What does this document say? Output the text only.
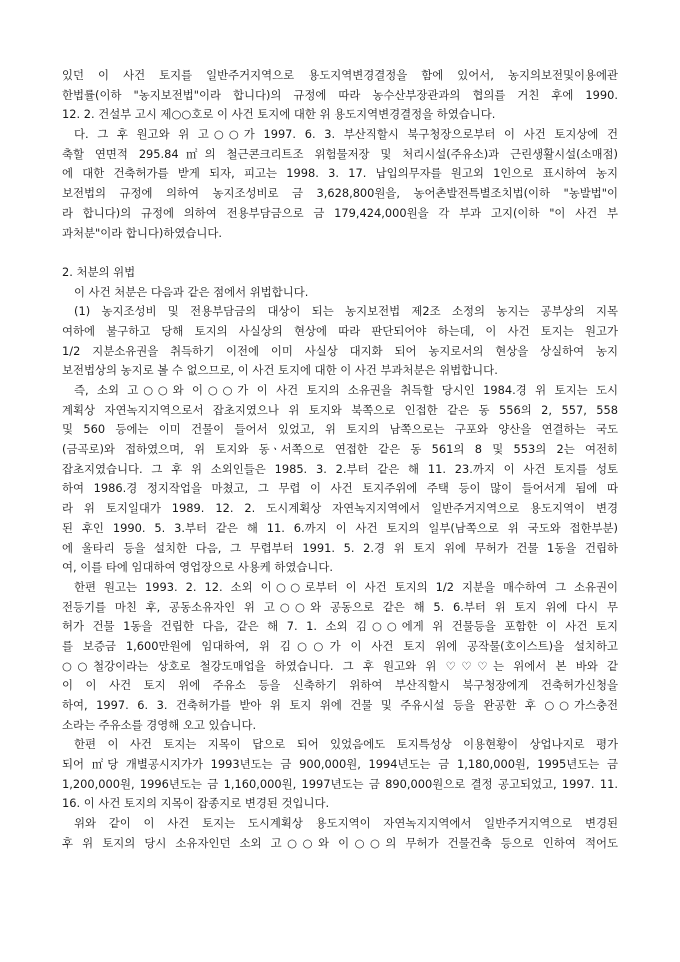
있던 이 사건 토지를 일반주거지역으로 용도지역변경결정을 함에 있어서, 농지의보전및이용에관
한법률(이하 "농지보전법"이라 합니다)의 규정에 따라 농수산부장관과의 협의를 거친 후에 1990.
12. 2. 건설부 고시 제○○호로 이 사건 토지에 대한 위 용도지역변경결정을 하였습니다.
다. 그 후 원고와 위 고○○가 1997. 6. 3. 부산직할시 북구청장으로부터 이 사건 토지상에 건
축할 연면적 295.84㎡의 철근콘크리트조 위험물저장 및 처리시설(주유소)과 근린생활시설(소매점)
에 대한 건축허가를 받게 되자, 피고는 1998. 3. 17. 납입의무자를 원고외 1인으로 표시하여 농지
보전법의 규정에 의하여 농지조성비로 금 3,628,800원을, 농어촌발전특별조치법(이하 "농발법"이
라 합니다)의 규정에 의하여 전용부담금으로 금 179,424,000원을 각 부과 고지(이하 "이 사건 부
과처분"이라 합니다)하였습니다.
2. 처분의 위법
이 사건 처분은 다음과 같은 점에서 위법합니다.
(1) 농지조성비 및 전용부담금의 대상이 되는 농지보전법 제2조 소정의 농지는 공부상의 지목
여하에 불구하고 당해 토지의 사실상의 현상에 따라 판단되어야 하는데, 이 사건 토지는 원고가
1/2 지분소유권을 취득하기 이전에 이미 사실상 대지화 되어 농지로서의 현상을 상실하여 농지
보전법상의 농지로 볼 수 없으므로, 이 사건 토지에 대한 이 사건 부과처분은 위법합니다.
즉, 소외 고○○와 이○○가 이 사건 토지의 소유권을 취득할 당시인 1984.경 위 토지는 도시
계획상 자연녹지지역으로서 잡초지였으나 위 토지와 북쪽으로 인접한 같은 동 556의 2, 557, 558
및 560 등에는 이미 건물이 들어서 있었고, 위 토지의 남쪽으로는 구포와 양산을 연결하는 국도
(금곡로)와 접하였으며, 위 토지와 동ㆍ서쪽으로 연접한 같은 동 561의 8 및 553의 2는 여전히
잡초지였습니다. 그 후 위 소외인들은 1985. 3. 2.부터 같은 해 11. 23.까지 이 사건 토지를 성토
하여 1986.경 정지작업을 마쳤고, 그 무렵 이 사건 토지주위에 주택 등이 많이 들어서게 됨에 따
라 위 토지일대가 1989. 12. 2. 도시계획상 자연녹지지역에서 일반주거지역으로 용도지역이 변경
된 후인 1990. 5. 3.부터 같은 해 11. 6.까지 이 사건 토지의 일부(남쪽으로 위 국도와 접한부분)
에 울타리 등을 설치한 다음, 그 무렵부터 1991. 5. 2.경 위 토지 위에 무허가 건물 1동을 건립하
여, 이를 타에 임대하여 영업장으로 사용케 하였습니다.
한편 원고는 1993. 2. 12. 소외 이○○로부터 이 사건 토지의 1/2 지분을 매수하여 그 소유권이
전등기를 마친 후, 공동소유자인 위 고○○와 공동으로 같은 해 5. 6.부터 위 토지 위에 다시 무
허가 건물 1동을 건립한 다음, 같은 해 7. 1. 소외 김○○에게 위 건물등을 포함한 이 사건 토지
를 보증금 1,600만원에 임대하여, 위 김○○가 이 사건 토지 위에 공작물(호이스트)을 설치하고
○○철강이라는 상호로 철강도매업을 하였습니다. 그 후 원고와 위 ♡♡♡는 위에서 본 바와 같
이 이 사건 토지 위에 주유소 등을 신축하기 위하여 부산직할시 북구청장에게 건축허가신청을
하여, 1997. 6. 3. 건축허가를 받아 위 토지 위에 건물 및 주유시설 등을 완공한 후 ○○가스충전
소라는 주유소를 경영해 오고 있습니다.
한편 이 사건 토지는 지목이 답으로 되어 있었음에도 토지특성상 이용현황이 상업나지로 평가
되어 ㎡당 개별공시지가가 1993년도는 금 900,000원, 1994년도는 금 1,180,000원, 1995년도는 금
1,200,000원, 1996년도는 금 1,160,000원, 1997년도는 금 890,000원으로 결정 공고되었고, 1997. 11.
16. 이 사건 토지의 지목이 잡종지로 변경된 것입니다.
위와 같이 이 사건 토지는 도시계획상 용도지역이 자연녹지지역에서 일반주거지역으로 변경된
후 위 토지의 당시 소유자인던 소외 고○○와 이○○의 무허가 건물건축 등으로 인하여 적어도
